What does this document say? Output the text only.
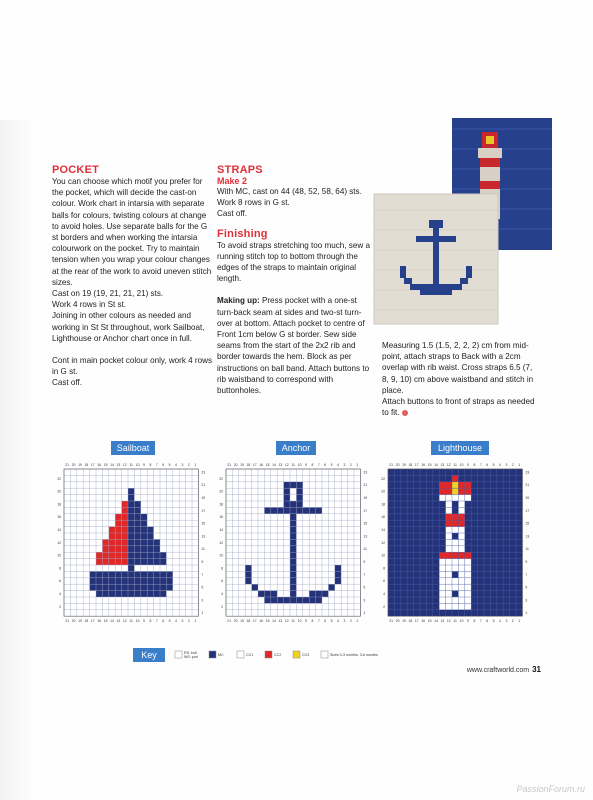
POCKET
You can choose which motif you prefer for the pocket, which will decide the cast-on colour. Work chart in intarsia with separate balls for colours, twisting colours at change to avoid holes. Use separate balls for the G st borders and when working the intarsia colourwork on the pocket. Try to maintain tension when you wrap your colour changes at the rear of the work to avoid uneven stitch sizes.
Cast on 19 (19, 21, 21, 21) sts.
Work 4 rows in St st.
Joining in other colours as needed and working in St St throughout, work Sailboat, Lighthouse or Anchor chart once in full.
Cont in main pocket colour only, work 4 rows in G st.
Cast off.
STRAPS
Make 2
With MC, cast on 44 (48, 52, 58, 64) sts.
Work 8 rows in G st.
Cast off.
Finishing
To avoid straps stretching too much, sew a running stitch top to bottom through the edges of the straps to maintain original length.
Making up: Press pocket with a one-st turn-back seam at sides and two-st turn-over at bottom. Attach pocket to centre of Front 1cm below G st border. Sew side seams from the start of the 2x2 rib and border towards the hem. Block as per instructions on ball band. Attach buttons to rib waistband to correspond with buttonholes.
Measuring 1.5 (1.5, 2, 2, 2) cm from mid-point, attach straps to Back with a 2cm overlap with rib waist. Cross straps 6.5 (7, 8, 9, 10) cm above waistband and stitch in place.
Attach buttons to front of straps as needed to fit.
Sailboat	Anchor	Lighthouse
21
21
20
20
19
19
18
18
17
17
16
16
15
15
14
14
13
13
12
12
11
11
10
10
9
9
8
8
7
7
6
6
5
5
4
4
3
3
2
2
1
1
22
20
18
16
14
12
10
8
6
4
2
23
21
19
17
15
13
11
9
7
5
3
1
21
21
20
20
19
19
18
18
17
17
16
16
15
15
14
14
13
13
12
12
11
11
10
10
9
9
8
8
7
7
6
6
5
5
4
4
3
3
2
2
1
1
22
20
18
16
14
12
10
8
6
4
2
23
21
19
17
15
13
11
9
7
5
3
1
21
21
20
20
19
19
18
18
17
17
16
16
15
15
14
14
13
13
12
12
11
11
10
10
9
9
8
8
7
7
6
6
5
5
4
4
3
3
2
2
1
1
22
20
18
16
14
12
10
8
6
4
2
23
21
19
17
15
13
11
9
7
5
3
1
Key	RS: knit
WS: purl	MC	CC1	CC2	CC3	Sizes 0-3 months, 3-6 months
www.craftworld.com 31
PassionForum.ru
